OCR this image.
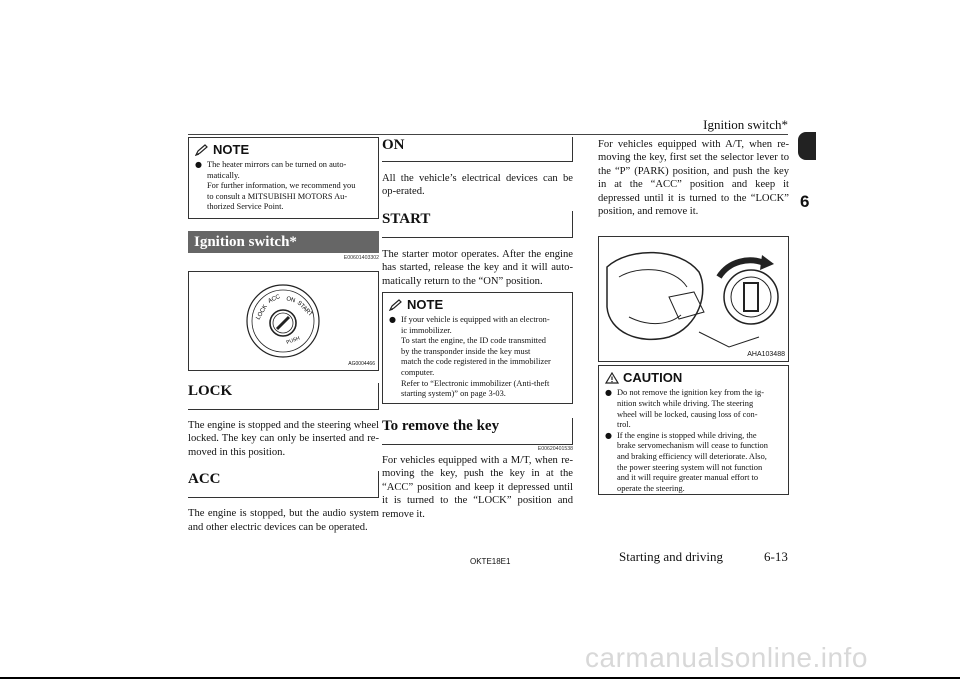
Ignition switch*
6
NOTE
● The heater mirrors can be turned on auto-
matically.
For further information, we recommend you
to consult a MITSUBISHI MOTORS Au-
thorized Service Point.
Ignition switch*
E00601403302
LOCK
ACC ON START
PUSH
AG0004466
LOCK

The engine is stopped and the steering wheel locked. The key can only be inserted and re-moved in this position.

ACC

The engine is stopped, but the audio system and other electric devices can be operated.

ON

All the vehicle’s electrical devices can be op-erated.

START

The starter motor operates. After the engine has started, release the key and it will auto-matically return to the “ON” position.

NOTE
● If your vehicle is equipped with an electron-
ic immobilizer.
To start the engine, the ID code transmitted
by the transponder inside the key must
match the code registered in the immobilizer
computer.
Refer to “Electronic immobilizer (Anti-theft
starting system)” on page 3-03.
To remove the key
E00620401538

For vehicles equipped with a M/T, when re-moving the key, push the key in at the “ACC” position and keep it depressed until it is turned to the “LOCK” position and remove it.

For vehicles equipped with A/T, when re-moving the key, first set the selector lever to the “P” (PARK) position, and push the key in at the “ACC” position and keep it depressed until it is turned to the “LOCK” position, and remove it.

AHA103488
CAUTION
● Do not remove the ignition key from the ig-
nition switch while driving. The steering
wheel will be locked, causing loss of con-
trol.
● If the engine is stopped while driving, the
brake servomechanism will cease to function
and braking efficiency will deteriorate. Also,
the power steering system will not function
and it will require greater manual effort to
operate the steering.
OKTE18E1	Starting and driving	6-13
carmanualsonline.info
